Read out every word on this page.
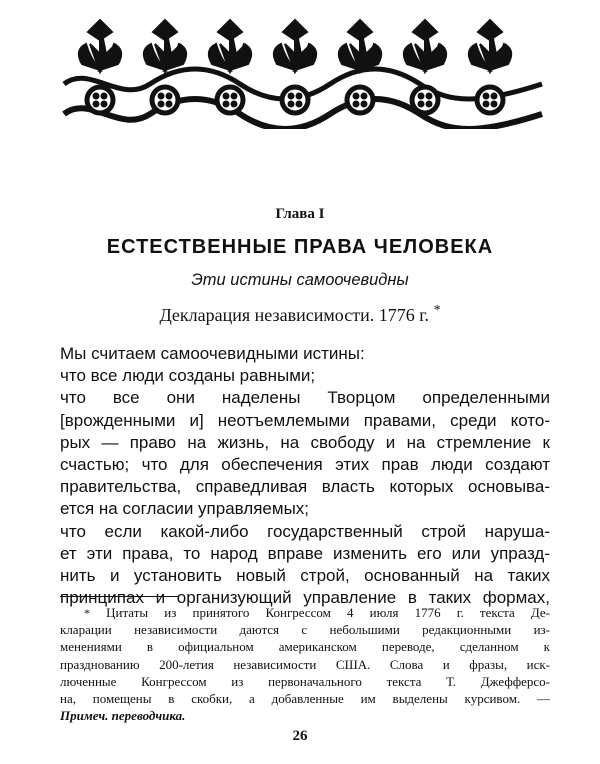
Глава I
ЕСТЕСТВЕННЫЕ ПРАВА ЧЕЛОВЕКА
Эти истины самоочевидны
Декларация независимости. 1776 г. *
Мы считаем самоочевидными истины:
что все люди созданы равными;
что все они наделены Творцом определенными
[врожденными и] неотъемлемыми правами, среди кото-
рых — право на жизнь, на свободу и на стремление к
счастью; что для обеспечения этих прав люди создают
правительства, справедливая власть которых основыва-
ется на согласии управляемых;
что если какой-либо государственный строй наруша-
ет эти права, то народ вправе изменить его или упразд-
нить и установить новый строй, основанный на таких
принципах и организующий управление в таких формах,
* Цитаты из принятого Конгрессом 4 июля 1776 г. текста Де-
кларации независимости даются с небольшими редакционными из-
менениями в официальном американском переводе, сделанном к
празднованию 200-летия независимости США. Слова и фразы, иск-
люченные Конгрессом из первоначального текста Т. Джефферсо-
на, помещены в скобки, а добавленные им выделены курсивом. —
Примеч. переводчика.
26
